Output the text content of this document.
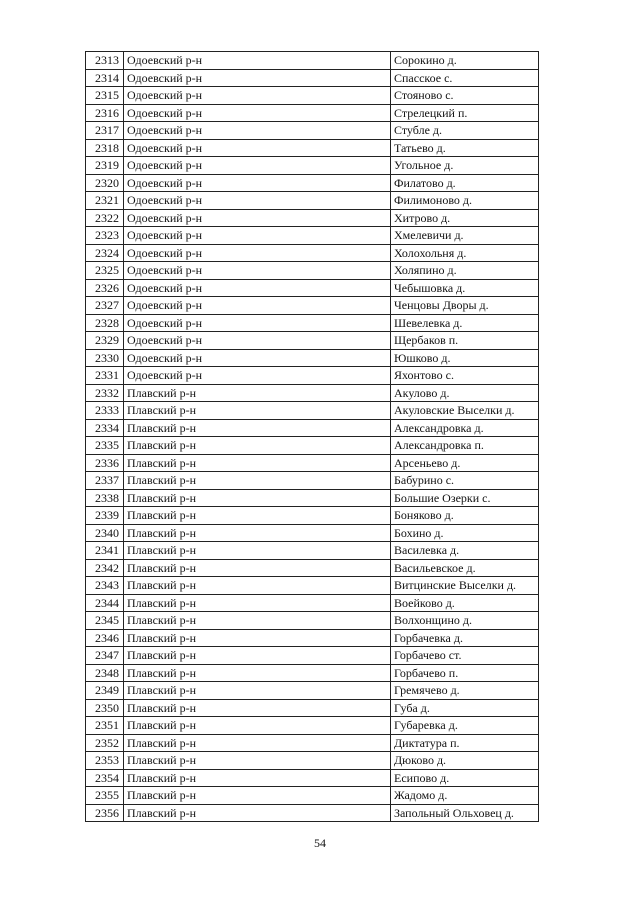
2313	Одоевский р-н	Сорокино д.
2314	Одоевский р-н	Спасское с.
2315	Одоевский р-н	Стояново с.
2316	Одоевский р-н	Стрелецкий п.
2317	Одоевский р-н	Стубле д.
2318	Одоевский р-н	Татьево д.
2319	Одоевский р-н	Угольное д.
2320	Одоевский р-н	Филатово д.
2321	Одоевский р-н	Филимоново д.
2322	Одоевский р-н	Хитрово д.
2323	Одоевский р-н	Хмелевичи д.
2324	Одоевский р-н	Холохольня д.
2325	Одоевский р-н	Холяпино д.
2326	Одоевский р-н	Чебышовка д.
2327	Одоевский р-н	Ченцовы Дворы д.
2328	Одоевский р-н	Шевелевка д.
2329	Одоевский р-н	Щербаков п.
2330	Одоевский р-н	Юшково д.
2331	Одоевский р-н	Яхонтово с.
2332	Плавский р-н	Акулово д.
2333	Плавский р-н	Акуловские Выселки д.
2334	Плавский р-н	Александровка д.
2335	Плавский р-н	Александровка п.
2336	Плавский р-н	Арсеньево д.
2337	Плавский р-н	Бабурино с.
2338	Плавский р-н	Большие Озерки с.
2339	Плавский р-н	Боняково д.
2340	Плавский р-н	Бохино д.
2341	Плавский р-н	Василевка д.
2342	Плавский р-н	Васильевское д.
2343	Плавский р-н	Витцинские Выселки д.
2344	Плавский р-н	Воейково д.
2345	Плавский р-н	Волхонщино д.
2346	Плавский р-н	Горбачевка д.
2347	Плавский р-н	Горбачево ст.
2348	Плавский р-н	Горбачево п.
2349	Плавский р-н	Гремячево д.
2350	Плавский р-н	Губа д.
2351	Плавский р-н	Губаревка д.
2352	Плавский р-н	Диктатура п.
2353	Плавский р-н	Дюково д.
2354	Плавский р-н	Есипово д.
2355	Плавский р-н	Жадомо д.
2356	Плавский р-н	Запольный Ольховец д.
54
